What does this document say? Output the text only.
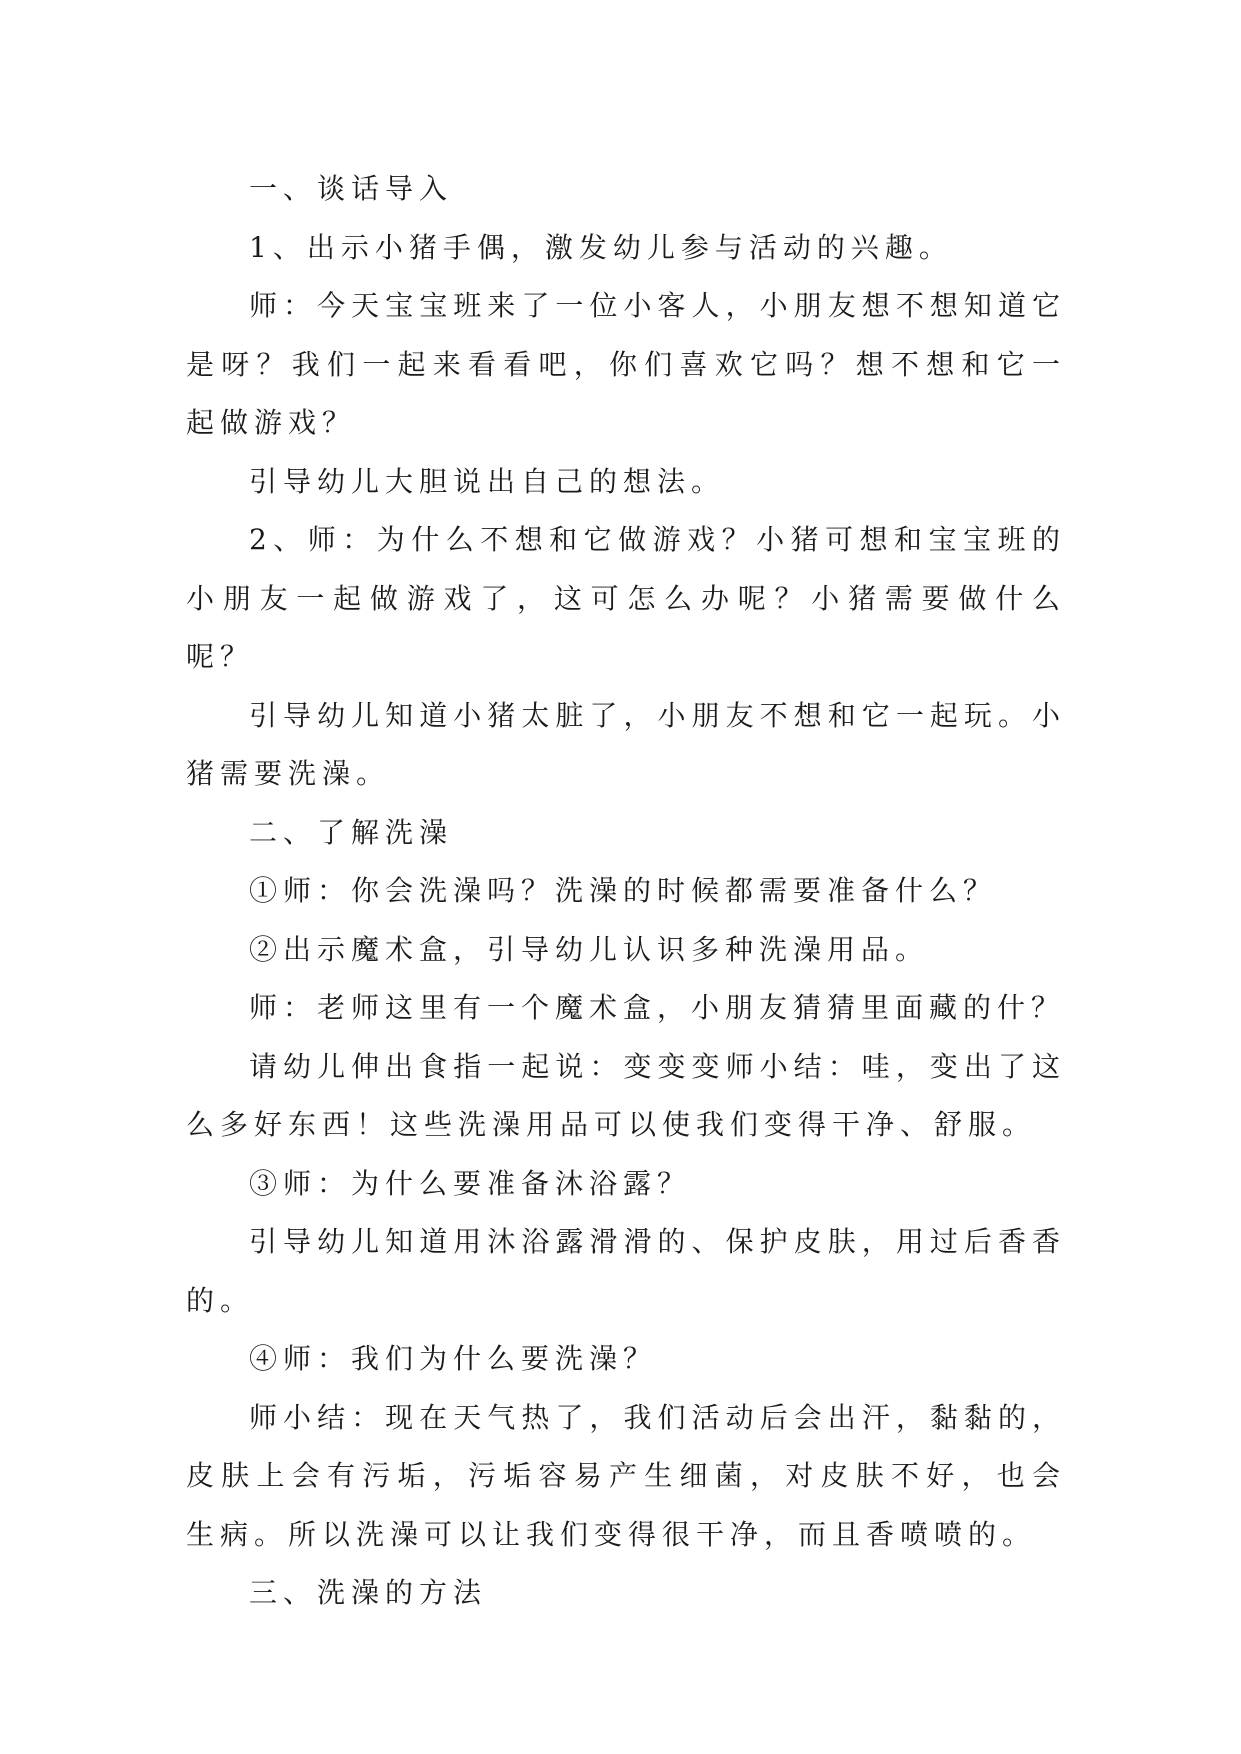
一、谈话导入

1、出示小猪手偶，激发幼儿参与活动的兴趣。

师：今天宝宝班来了一位小客人，小朋友想不想知道它是呀？我们一起来看看吧，你们喜欢它吗？想不想和它一起做游戏？

引导幼儿大胆说出自己的想法。

2、师：为什么不想和它做游戏？小猪可想和宝宝班的小朋友一起做游戏了，这可怎么办呢？小猪需要做什么呢？

引导幼儿知道小猪太脏了，小朋友不想和它一起玩。小猪需要洗澡。

二、了解洗澡

①师：你会洗澡吗？洗澡的时候都需要准备什么？

②出示魔术盒，引导幼儿认识多种洗澡用品。

师：老师这里有一个魔术盒，小朋友猜猜里面藏的什？

请幼儿伸出食指一起说：变变变师小结：哇，变出了这么多好东西！这些洗澡用品可以使我们变得干净、舒服。

③师：为什么要准备沐浴露？

引导幼儿知道用沐浴露滑滑的、保护皮肤，用过后香香的。

④师：我们为什么要洗澡？

师小结：现在天气热了，我们活动后会出汗，黏黏的，皮肤上会有污垢，污垢容易产生细菌，对皮肤不好，也会生病。所以洗澡可以让我们变得很干净，而且香喷喷的。

三、洗澡的方法
